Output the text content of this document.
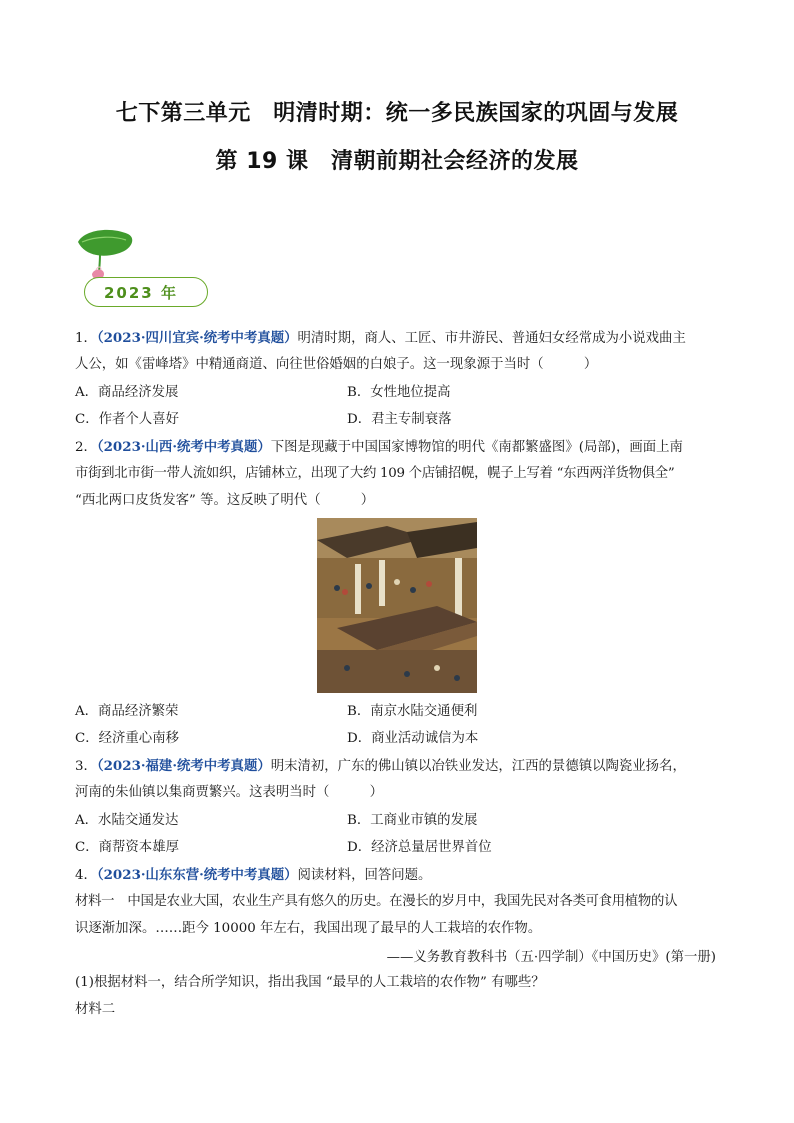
七下第三单元　明清时期：统一多民族国家的巩固与发展
第 19 课　清朝前期社会经济的发展
2023 年
1．（2023·四川宜宾·统考中考真题）明清时期，商人、工匠、市井游民、普通妇女经常成为小说戏曲主
人公，如《雷峰塔》中精通商道、向往世俗婚姻的白娘子。这一现象源于当时（　　　）
A．商品经济发展	B．女性地位提高
C．作者个人喜好	D．君主专制衰落
2．（2023·山西·统考中考真题）下图是现藏于中国国家博物馆的明代《南都繁盛图》(局部)，画面上南
市街到北市街一带人流如织，店铺林立，出现了大约 109 个店铺招幌，幌子上写着 “东西两洋货物俱全”
“西北两口皮货发客” 等。这反映了明代（　　　）
A．商品经济繁荣	B．南京水陆交通便利
C．经济重心南移	D．商业活动诚信为本
3．（2023·福建·统考中考真题）明末清初，广东的佛山镇以冶铁业发达，江西的景德镇以陶瓷业扬名，
河南的朱仙镇以集商贾繁兴。这表明当时（　　　）
A．水陆交通发达	B．工商业市镇的发展
C．商帮资本雄厚	D．经济总量居世界首位
4．（2023·山东东营·统考中考真题）阅读材料，回答问题。
材料一　中国是农业大国，农业生产具有悠久的历史。在漫长的岁月中，我国先民对各类可食用植物的认
识逐渐加深。……距今 10000 年左右，我国出现了最早的人工栽培的农作物。
——义务教育教科书（五·四学制）《中国历史》(第一册)
(1)根据材料一，结合所学知识，指出我国 “最早的人工栽培的农作物” 有哪些？
材料二
